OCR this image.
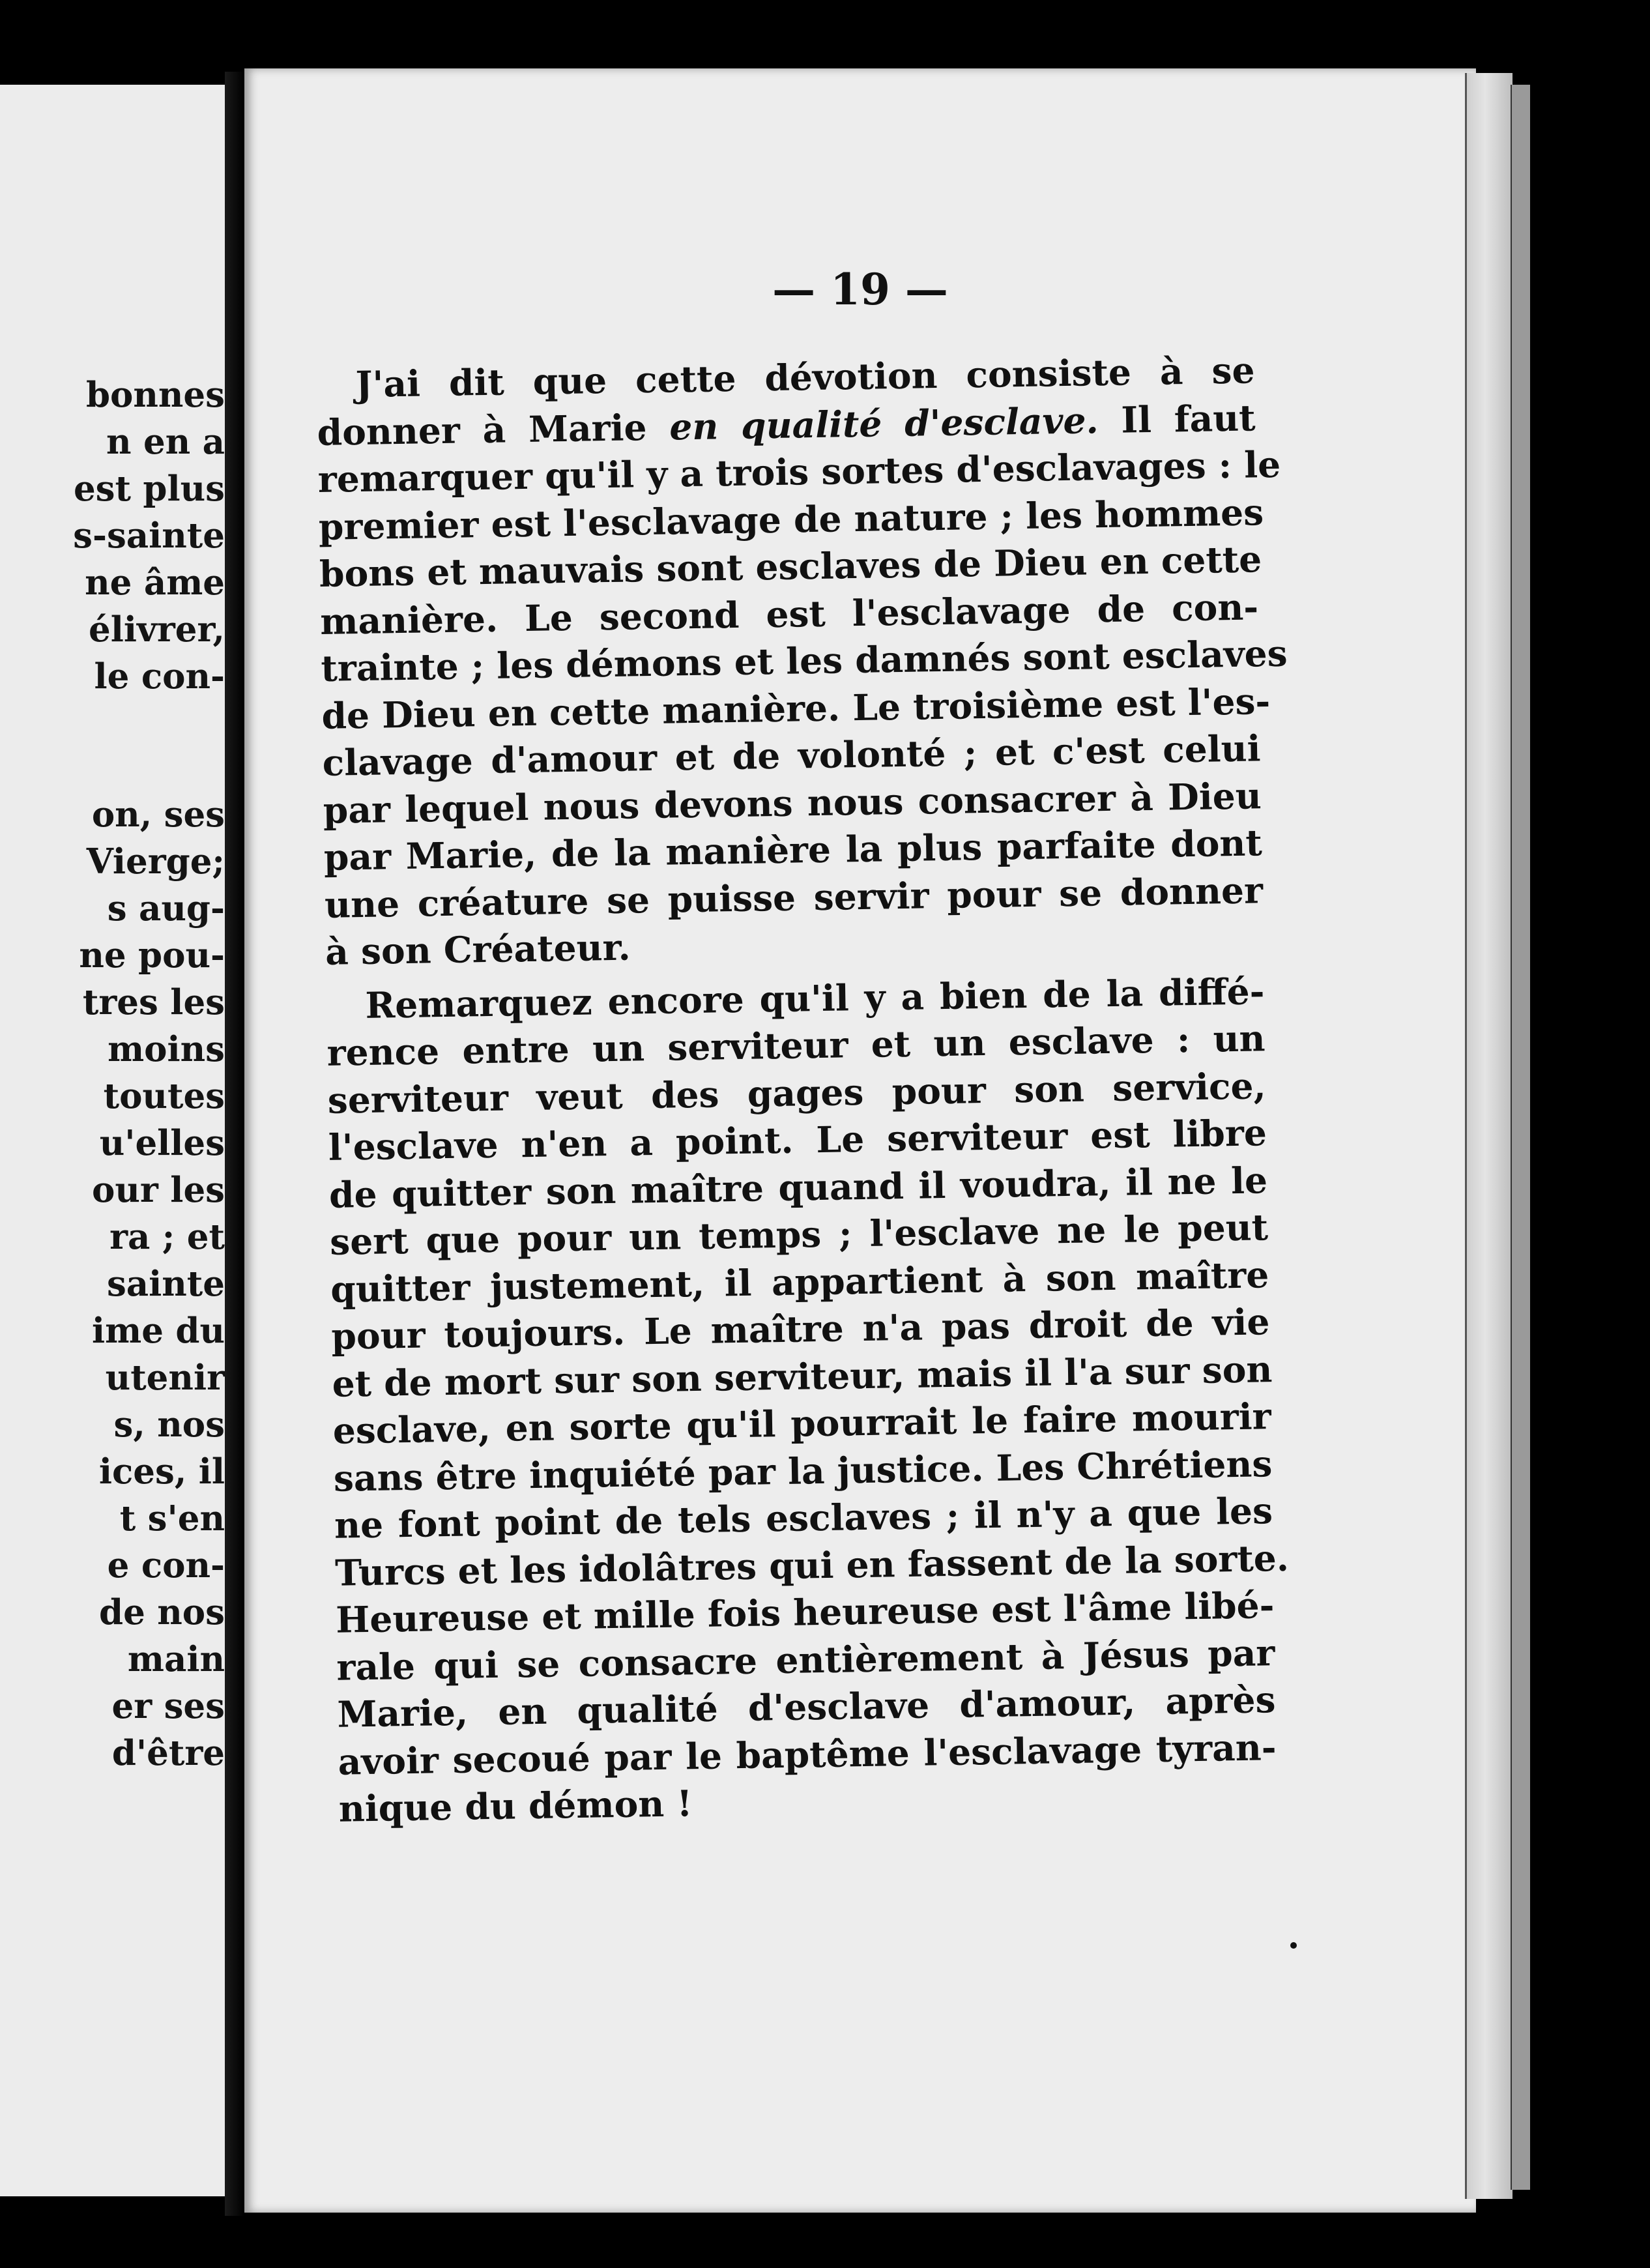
bonnes
n en a
est plus
s-sainte
ne âme
élivrer,
le con-
on, ses
Vierge;
s aug-
ne pou-
tres les
moins
toutes
u'elles
our les
ra ; et
sainte
ime du
utenir
s, nos
ices, il
t s'en
e con-
de nos
main
er ses
d'être
— 19 —
J'ai dit que cette dévotion consiste à se
donner à Marie en qualité d'esclave. Il faut
remarquer qu'il y a trois sortes d'esclavages : le
premier est l'esclavage de nature ; les hommes
bons et mauvais sont esclaves de Dieu en cette
manière. Le second est l'esclavage de con-
trainte ; les démons et les damnés sont esclaves
de Dieu en cette manière. Le troisième est l'es-
clavage d'amour et de volonté ; et c'est celui
par lequel nous devons nous consacrer à Dieu
par Marie, de la manière la plus parfaite dont
une créature se puisse servir pour se donner
à son Créateur.
Remarquez encore qu'il y a bien de la diffé-
rence entre un serviteur et un esclave : un
serviteur veut des gages pour son service,
l'esclave n'en a point. Le serviteur est libre
de quitter son maître quand il voudra, il ne le
sert que pour un temps ; l'esclave ne le peut
quitter justement, il appartient à son maître
pour toujours. Le maître n'a pas droit de vie
et de mort sur son serviteur, mais il l'a sur son
esclave, en sorte qu'il pourrait le faire mourir
sans être inquiété par la justice. Les Chrétiens
ne font point de tels esclaves ; il n'y a que les
Turcs et les idolâtres qui en fassent de la sorte.
Heureuse et mille fois heureuse est l'âme libé-
rale qui se consacre entièrement à Jésus par
Marie, en qualité d'esclave d'amour, après
avoir secoué par le baptême l'esclavage tyran-
nique du démon !
